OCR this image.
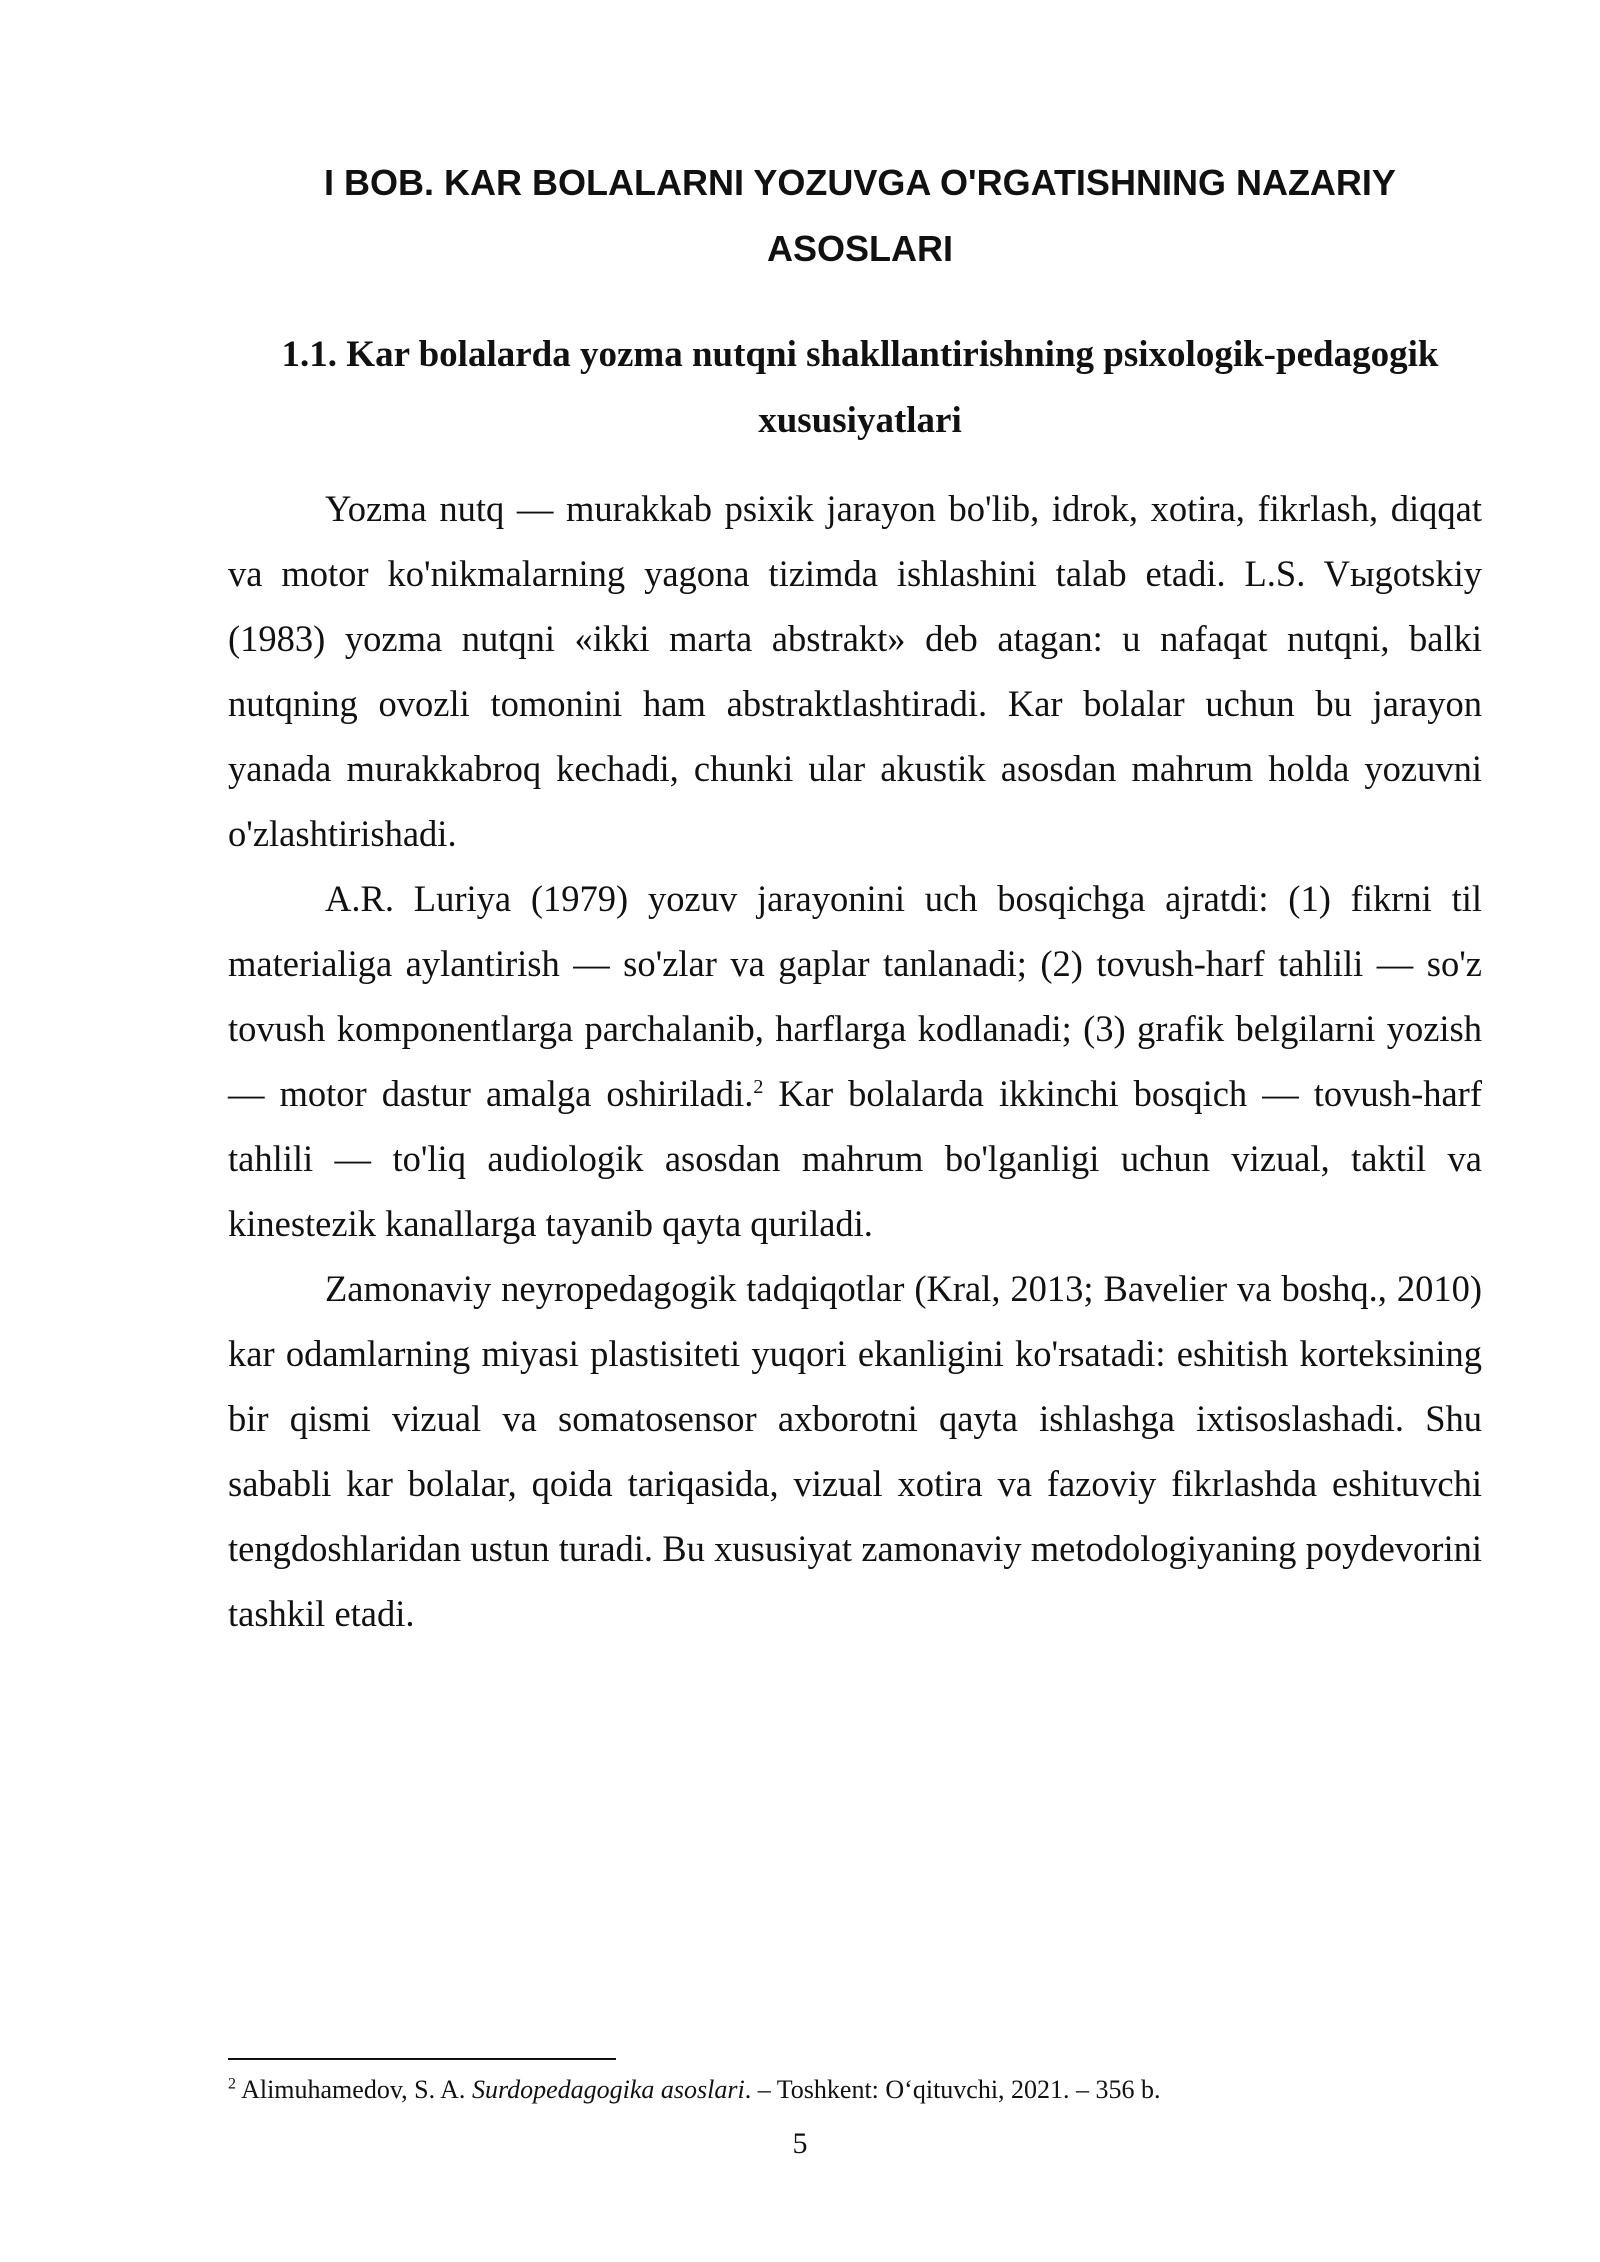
I BOB. KAR BOLALARNI YOZUVGA O'RGATISHNING NAZARIY
ASOSLARI
1.1. Kar bolalarda yozma nutqni shakllantirishning psixologik-pedagogik xususiyatlari

Yozma nutq — murakkab psixik jarayon bo'lib, idrok, xotira, fikrlash, diqqat va motor ko'nikmalarning yagona tizimda ishlashini talab etadi. L.S. Vыgotskiy (1983) yozma nutqni «ikki marta abstrakt» deb atagan: u nafaqat nutqni, balki nutqning ovozli tomonini ham abstraktlashtiradi. Kar bolalar uchun bu jarayon yanada murakkabroq kechadi, chunki ular akustik asosdan mahrum holda yozuvni o'zlashtirishadi.

A.R. Luriya (1979) yozuv jarayonini uch bosqichga ajratdi: (1) fikrni til materialiga aylantirish — so'zlar va gaplar tanlanadi; (2) tovush-harf tahlili — so'z tovush komponentlarga parchalanib, harflarga kodlanadi; (3) grafik belgilarni yozish — motor dastur amalga oshiriladi.$^2$ Kar bolalarda ikkinchi bosqich — tovush-harf tahlili — to'liq audiologik asosdan mahrum bo'lganligi uchun vizual, taktil va kinestezik kanallarga tayanib qayta quriladi.

Zamonaviy neyropedagogik tadqiqotlar (Kral, 2013; Bavelier va boshq., 2010) kar odamlarning miyasi plastisiteti yuqori ekanligini ko'rsatadi: eshitish korteksining bir qismi vizual va somatosensor axborotni qayta ishlashga ixtisoslashadi. Shu sababli kar bolalar, qoida tariqasida, vizual xotira va fazoviy fikrlashda eshituvchi tengdoshlaridan ustun turadi. Bu xususiyat zamonaviy metodologiyaning poydevorini tashkil etadi.

$^2$ Alimuhamedov, S. A. Surdopedagogika asoslari. – Toshkent: O‘qituvchi, 2021. – 356 b.

5
